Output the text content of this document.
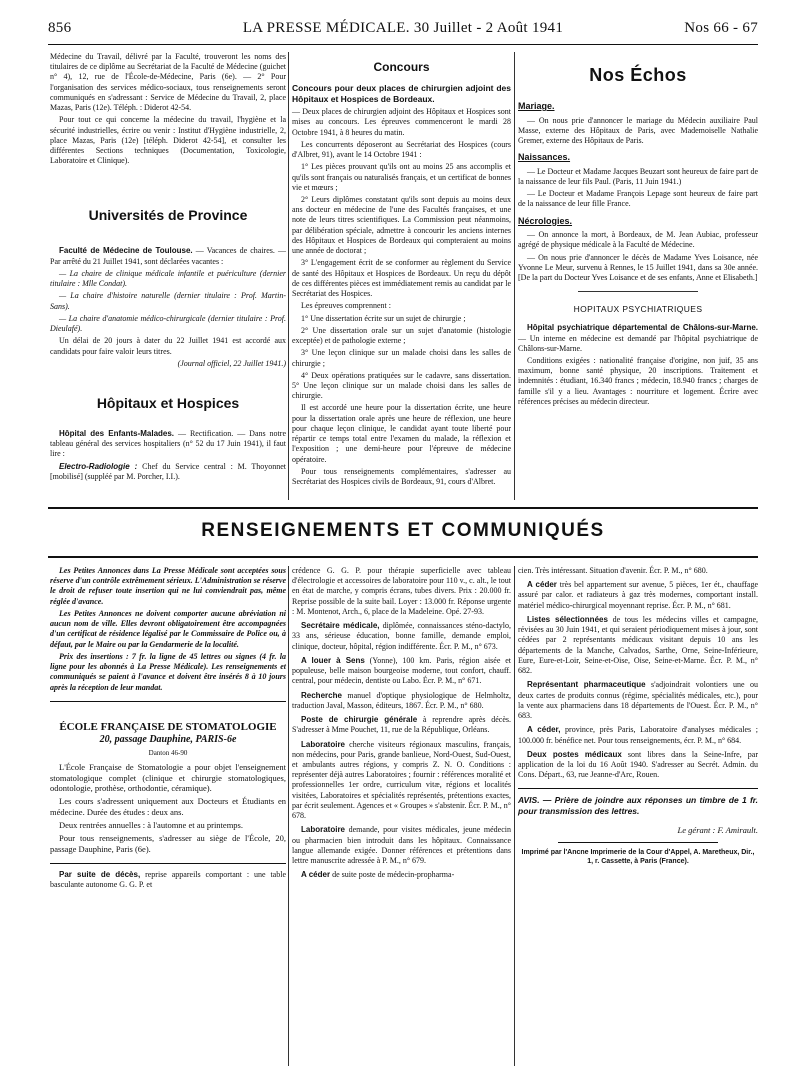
856	LA PRESSE MÉDICALE. 30 Juillet - 2 Août 1941	Nos 66 - 67

Médecine du Travail, délivré par la Faculté, trouveront les noms des titulaires de ce diplôme au Secrétariat de la Faculté de Médecine (guichet n° 4), 12, rue de l'École-de-Médecine, Paris (6e). — 2° Pour l'organisation des services médico-sociaux, tous renseignements seront communiqués en s'adressant : Service de Médecine du Travail, 2, place Mazas, Paris (12e). Téléph. : Diderot 42-54.

Pour tout ce qui concerne la médecine du travail, l'hygiène et la sécurité industrielles, écrire ou venir : Institut d'Hygiène industrielle, 2, place Mazas, Paris (12e) [téléph. Diderot 42-54], et consulter les différentes Sections techniques (Documentation, Toxicologie, Laboratoire et Clinique).

Universités de Province

Faculté de Médecine de Toulouse. — Vacances de chaires. — Par arrêté du 21 Juillet 1941, sont déclarées vacantes :

— La chaire de clinique médicale infantile et puériculture (dernier titulaire : Mlle Condat).

— La chaire d'histoire naturelle (dernier titulaire : Prof. Martin-Sans).

— La chaire d'anatomie médico-chirurgicale (dernier titulaire : Prof. Dieulafé).

Un délai de 20 jours à dater du 22 Juillet 1941 est accordé aux candidats pour faire valoir leurs titres.

(Journal officiel, 22 Juillet 1941.)

Hôpitaux et Hospices

Hôpital des Enfants-Malades. — Rectification. — Dans notre tableau général des services hospitaliers (n° 52 du 17 Juin 1941), il faut lire :

Electro-Radiologie : Chef du Service central : M. Thoyonnet [mobilisé] (suppléé par M. Porcher, I.I.).

Concours

Concours pour deux places de chirurgien adjoint des Hôpitaux et Hospices de Bordeaux.

— Deux places de chirurgien adjoint des Hôpitaux et Hospices sont mises au concours. Les épreuves commenceront le mardi 28 Octobre 1941, à 8 heures du matin.

Les concurrents déposeront au Secrétariat des Hospices (cours d'Albret, 91), avant le 14 Octobre 1941 :

1° Les pièces prouvant qu'ils ont au moins 25 ans accomplis et qu'ils sont français ou naturalisés français, et un certificat de bonnes vie et mœurs ;

2° Leurs diplômes constatant qu'ils sont depuis au moins deux ans docteur en médecine de l'une des Facultés françaises, et une note de leurs titres scientifiques. La Commission peut néanmoins, par délibération spéciale, admettre à concourir les anciens internes des Hôpitaux et Hospices de Bordeaux qui compteraient au moins une année de doctorat ;

3° L'engagement écrit de se conformer au règlement du Service de santé des Hôpitaux et Hospices de Bordeaux. Un reçu du dépôt de ces différentes pièces est immédiatement remis au candidat par le Secrétariat des Hospices.

Les épreuves comprennent :

1° Une dissertation écrite sur un sujet de chirurgie ;

2° Une dissertation orale sur un sujet d'anatomie (histologie exceptée) et de pathologie externe ;

3° Une leçon clinique sur un malade choisi dans les salles de chirurgie ;

4° Deux opérations pratiquées sur le cadavre, sans dissertation. 5° Une leçon clinique sur un malade choisi dans les salles de chirurgie.

Il est accordé une heure pour la dissertation écrite, une heure pour la dissertation orale après une heure de réflexion, une heure pour chaque leçon clinique, le candidat ayant toute liberté pour répartir ce temps total entre l'examen du malade, la réflexion et l'exposition ; une demi-heure pour l'épreuve de médecine opératoire.

Pour tous renseignements complémentaires, s'adresser au Secrétariat des Hospices civils de Bordeaux, 91, cours d'Albret.

Nos Échos
Mariage.

— On nous prie d'annoncer le mariage du Médecin auxiliaire Paul Masse, externe des Hôpitaux de Paris, avec Mademoiselle Nathalie Gremer, externe des Hôpitaux de Paris.

Naissances.

— Le Docteur et Madame Jacques Beuzart sont heureux de faire part de la naissance de leur fils Paul. (Paris, 11 Juin 1941.)

— Le Docteur et Madame François Lepage sont heureux de faire part de la naissance de leur fille France.

Nécrologies.

— On annonce la mort, à Bordeaux, de M. Jean Aubiac, professeur agrégé de physique médicale à la Faculté de Médecine.

— On nous prie d'annoncer le décès de Madame Yves Loisance, née Yvonne Le Meur, survenu à Rennes, le 15 Juillet 1941, dans sa 30e année. [De la part du Docteur Yves Loisance et de ses enfants, Anne et Elisabeth.]

HOPITAUX PSYCHIATRIQUES

Hôpital psychiatrique départemental de Châlons-sur-Marne. — Un interne en médecine est demandé par l'hôpital psychiatrique de Châlons-sur-Marne.

Conditions exigées : nationalité française d'origine, non juif, 35 ans maximum, bonne santé physique, 20 inscriptions. Traitement et indemnités : étudiant, 16.340 francs ; médecin, 18.940 francs ; charges de famille s'il y a lieu. Avantages : nourriture et logement. Écrire avec références précises au médecin directeur.

RENSEIGNEMENTS ET COMMUNIQUÉS

Les Petites Annonces dans La Presse Médicale sont acceptées sous réserve d'un contrôle extrêmement sérieux. L'Administration se réserve le droit de refuser toute insertion qui ne lui conviendrait pas, même réglée d'avance.

Les Petites Annonces ne doivent comporter aucune abréviation ni aucun nom de ville. Elles devront obligatoirement être accompagnées d'un certificat de résidence légalisé par le Commissaire de Police ou, à défaut, par le Maire ou par la Gendarmerie de la localité.

Prix des insertions : 7 fr. la ligne de 45 lettres ou signes (4 fr. la ligne pour les abonnés à La Presse Médicale). Les renseignements et communiqués se paient à l'avance et doivent être insérés 8 à 10 jours après la réception de leur mandat.

ÉCOLE FRANÇAISE DE STOMATOLOGIE
20, passage Dauphine, PARIS-6e
Danton 46-90

L'École Française de Stomatologie a pour objet l'enseignement stomatologique complet (clinique et chirurgie stomatologiques, odontologie, prothèse, orthodontie, céramique).

Les cours s'adressent uniquement aux Docteurs et Étudiants en médecine. Durée des études : deux ans.

Deux rentrées annuelles : à l'automne et au printemps.

Pour tous renseignements, s'adresser au siège de l'École, 20, passage Dauphine, Paris (6e).

Par suite de décès, reprise appareils comportant : une table basculante autonome G. G. P. et

crédence G. G. P. pour thérapie superficielle avec tableau d'électrologie et accessoires de laboratoire pour 110 v., c. alt., le tout en état de marche, y compris écrans, tubes divers. Prix : 20.000 fr. Reprise possible de la suite bail. Loyer : 13.000 fr. Réponse urgente : M. Montenot, Arch., 6, place de la Madeleine. Opé. 27-93.

Secrétaire médicale, diplômée, connaissances sténo-dactylo, 33 ans, sérieuse éducation, bonne famille, demande emploi, clinique, docteur, hôpital, région indifférente. Écr. P. M., n° 673.

A louer à Sens (Yonne), 100 km. Paris, région aisée et populeuse, belle maison bourgeoise moderne, tout confort, chauff. central, pour médecin, dentiste ou Labo. Écr. P. M., n° 671.

Recherche manuel d'optique physiologique de Helmholtz, traduction Javal, Masson, éditeurs, 1867. Écr. P. M., n° 680.

Poste de chirurgie générale à reprendre après décès. S'adresser à Mme Pouchet, 11, rue de la République, Orléans.

Laboratoire cherche visiteurs régionaux masculins, français, non médecins, pour Paris, grande banlieue, Nord-Ouest, Sud-Ouest, et ambulants autres régions, y compris Z. N. O. Conditions : représenter déjà autres Laboratoires ; fournir : références moralité et professionnelles 1er ordre, curriculum vitæ, régions et localités visitées, Laboratoires et spécialités représentés, prétentions exactes, par écrit seulement. Agences et « Groupes » s'abstenir. Écr. P. M., n° 678.

Laboratoire demande, pour visites médicales, jeune médecin ou pharmacien bien introduit dans les hôpitaux. Connaissance langue allemande exigée. Donner références et prétentions dans lettre manuscrite adressée à P. M., n° 679.

A céder de suite poste de médecin-propharma-

cien. Très intéressant. Situation d'avenir. Écr. P. M., n° 680.

A céder très bel appartement sur avenue, 5 pièces, 1er ét., chauffage assuré par calor. et radiateurs à gaz très modernes, comportant install. matériel médico-chirurgical moyennant reprise. Écr. P. M., n° 681.

Listes sélectionnées de tous les médecins villes et campagne, révisées au 30 Juin 1941, et qui seraient périodiquement mises à jour, sont cédées par 2 représentants médicaux visitant depuis 10 ans les départements de la Manche, Calvados, Sarthe, Orne, Seine-Inférieure, Eure, Eure-et-Loir, Seine-et-Oise, Oise, Seine-et-Marne. Écr. P. M., n° 682.

Représentant pharmaceutique s'adjoindrait volontiers une ou deux cartes de produits connus (régime, spécialités médicales, etc.), pour la vente aux pharmaciens dans 18 départements de l'Ouest. Écr. P. M., n° 683.

A céder, province, près Paris, Laboratoire d'analyses médicales ; 100.000 fr. bénéfice net. Pour tous renseignements, écr. P. M., n° 684.

Deux postes médicaux sont libres dans la Seine-Infre, par application de la loi du 16 Août 1940. S'adresser au Secrét. Admin. du Cons. Départ., 63, rue Jeanne-d'Arc, Rouen.

AVIS. — Prière de joindre aux réponses un timbre de 1 fr. pour transmission des lettres.
Le gérant : F. Amirault.
Imprimé par l'Ancne Imprimerie de la Cour d'Appel, A. Maretheux, Dir., 1, r. Cassette, à Paris (France).
